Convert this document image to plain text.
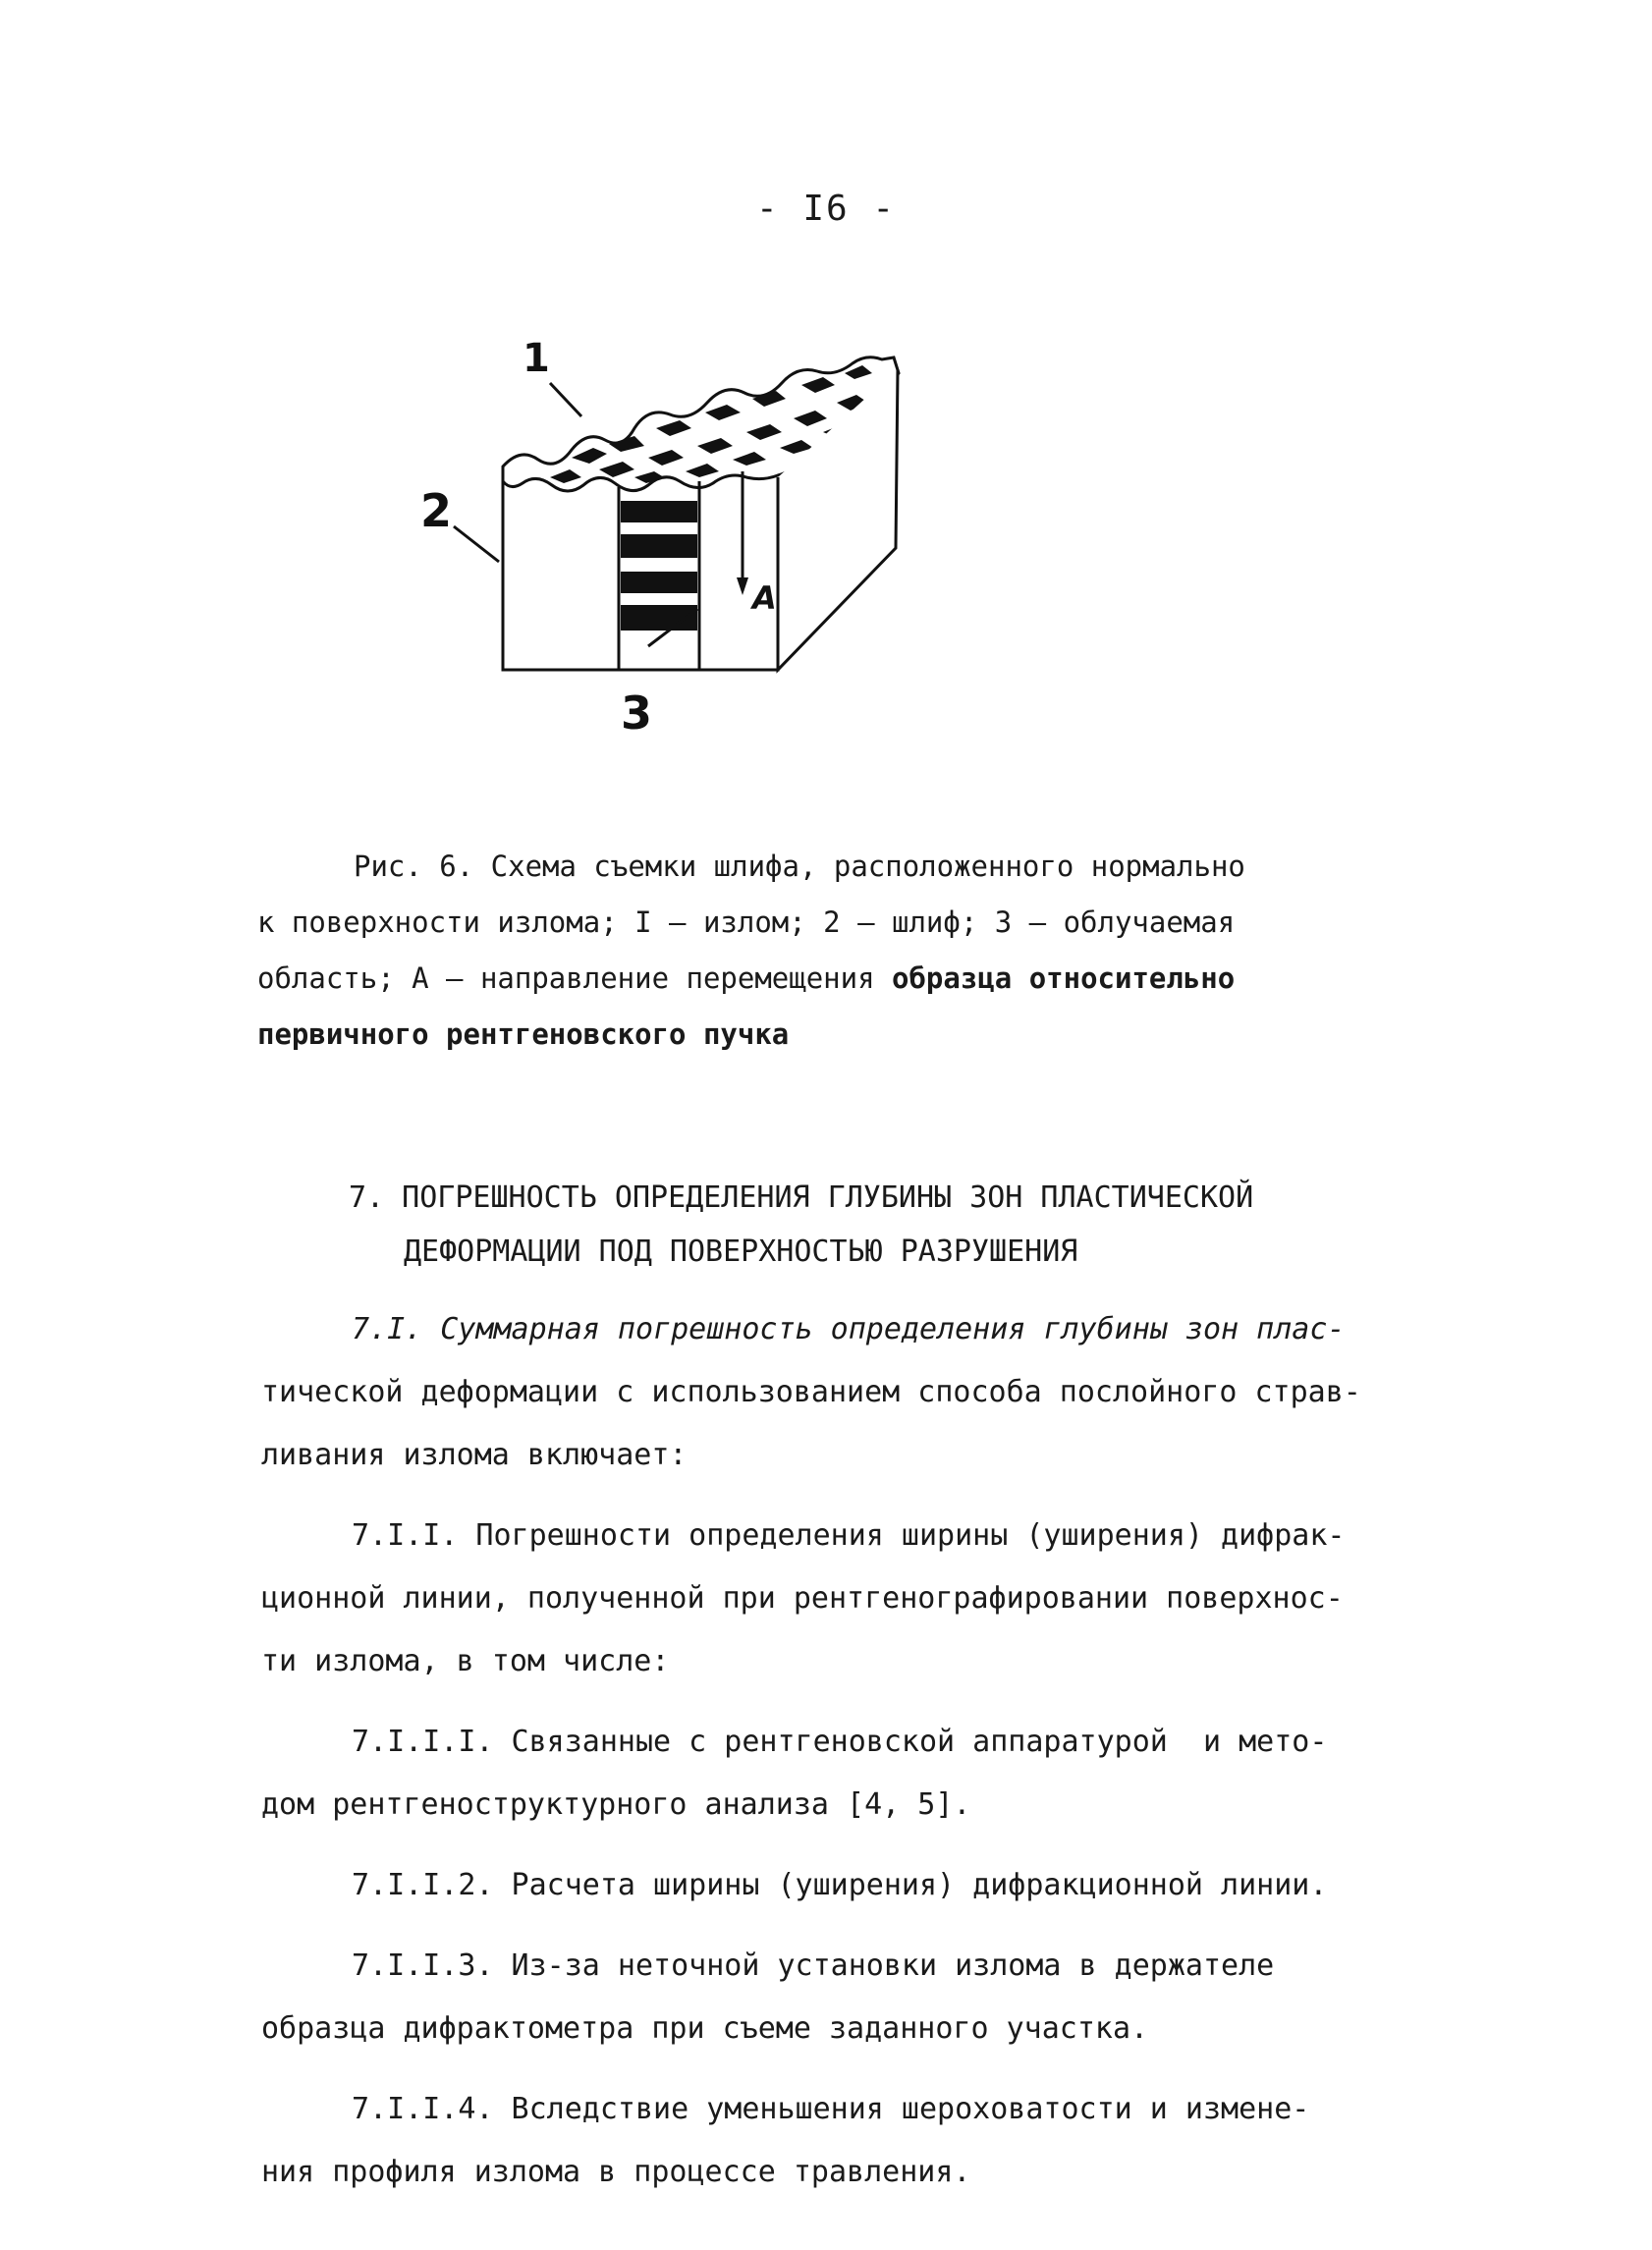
- I6 -
1
2
3
A

Рис. 6. Схема съемки шлифа, расположенного нормально

к поверхности излома; I – излом; 2 – шлиф; 3 – облучаемая

область; А – направление перемещения образца относительно

первичного рентгеновского пучка

7. ПОГРЕШНОСТЬ ОПРЕДЕЛЕНИЯ ГЛУБИНЫ ЗОН ПЛАСТИЧЕСКОЙ

ДЕФОРМАЦИИ ПОД ПОВЕРХНОСТЬЮ РАЗРУШЕНИЯ

7.I. Суммарная погрешность определения глубины зон плас-
тической деформации с использованием способа послойного страв-
ливания излома включает:

7.I.I. Погрешности определения ширины (уширения) дифрак-
ционной линии, полученной при рентгенографировании поверхнос-
ти излома, в том числе:

7.I.I.I. Связанные с рентгеновской аппаратурой  и мето-
дом рентгеноструктурного анализа [4, 5].

7.I.I.2. Расчета ширины (уширения) дифракционной линии.

7.I.I.3. Из-за неточной установки излома в держателе
образца дифрактометра при съеме заданного участка.

7.I.I.4. Вследствие уменьшения шероховатости и измене-
ния профиля излома в процессе травления.
